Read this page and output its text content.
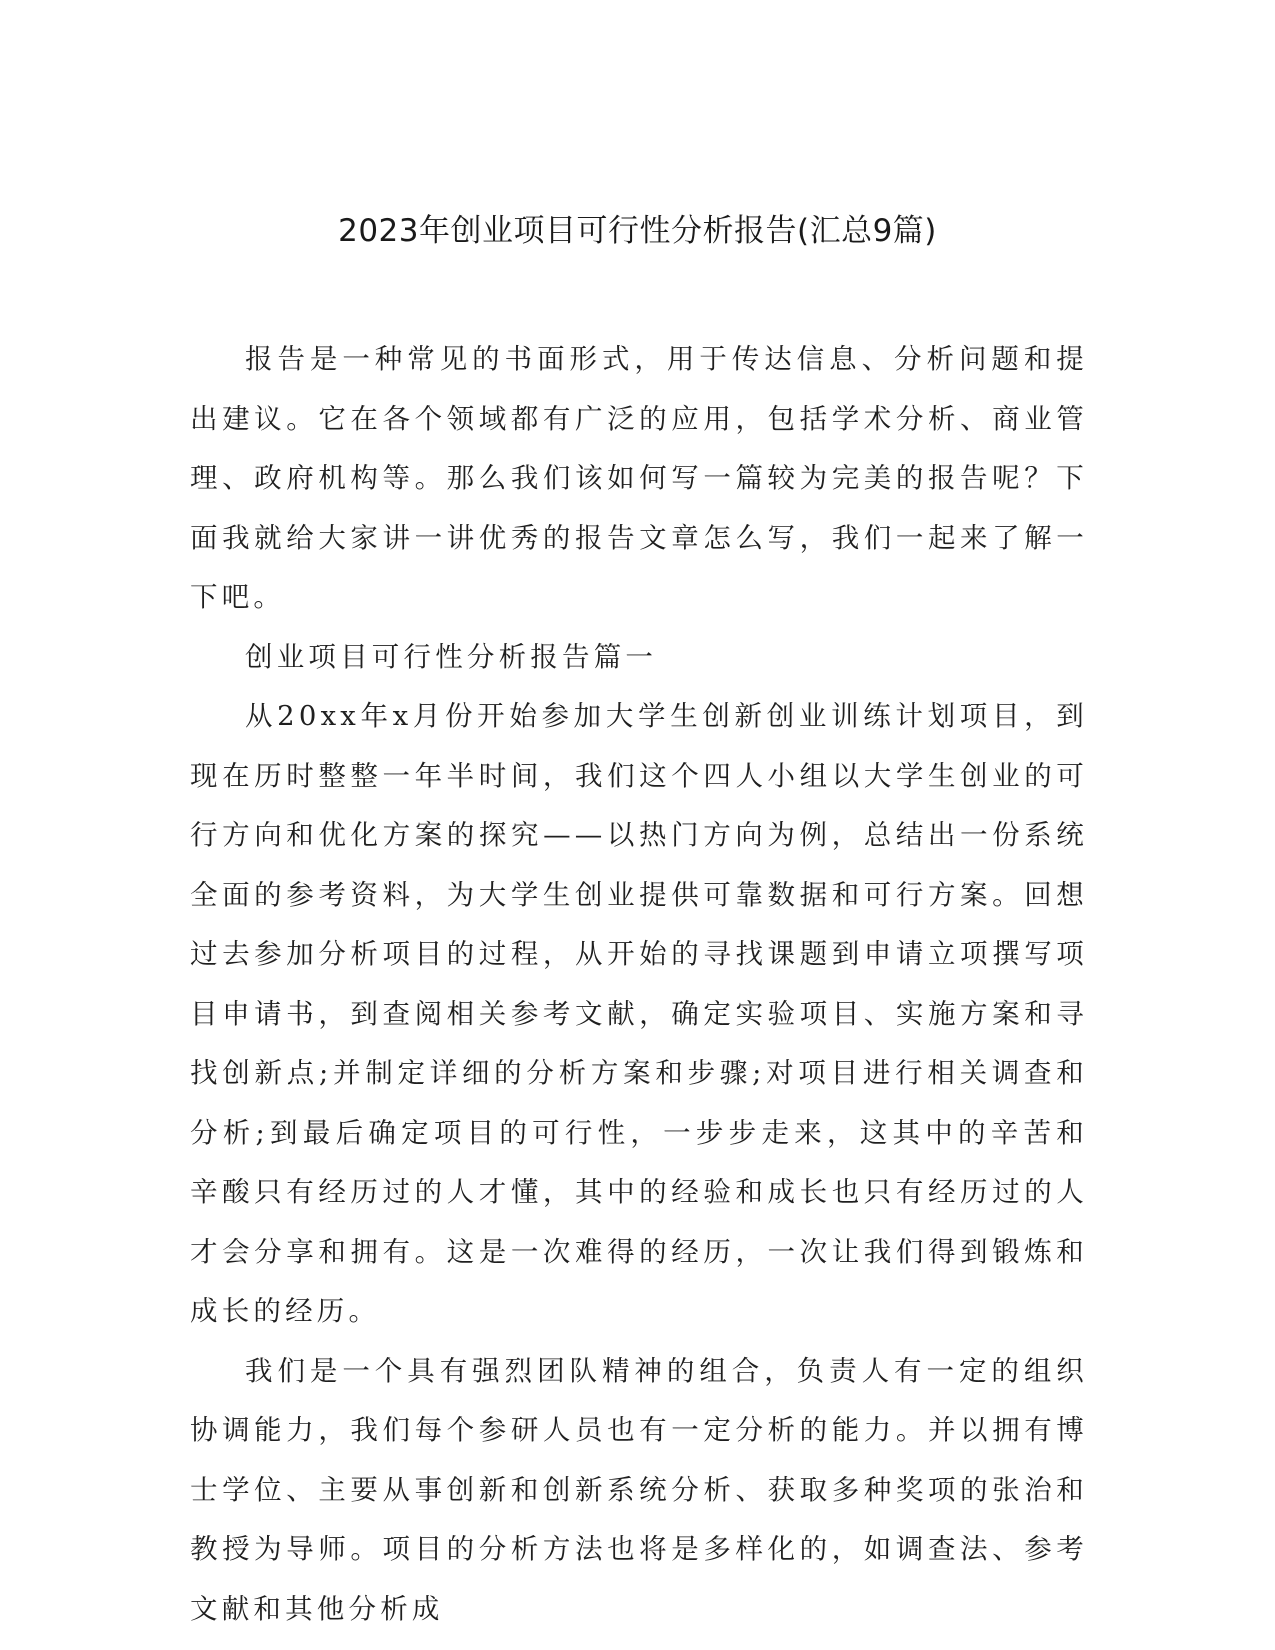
2023年创业项目可行性分析报告(汇总9篇)

报告是一种常见的书面形式，用于传达信息、分析问题和提出建议。它在各个领域都有广泛的应用，包括学术分析、商业管理、政府机构等。那么我们该如何写一篇较为完美的报告呢？下面我就给大家讲一讲优秀的报告文章怎么写，我们一起来了解一下吧。

创业项目可行性分析报告篇一

从20xx年x月份开始参加大学生创新创业训练计划项目，到现在历时整整一年半时间，我们这个四人小组以大学生创业的可行方向和优化方案的探究——以热门方向为例，总结出一份系统全面的参考资料，为大学生创业提供可靠数据和可行方案。回想过去参加分析项目的过程，从开始的寻找课题到申请立项撰写项目申请书，到查阅相关参考文献，确定实验项目、实施方案和寻找创新点;并制定详细的分析方案和步骤;对项目进行相关调查和分析;到最后确定项目的可行性，一步步走来，这其中的辛苦和辛酸只有经历过的人才懂，其中的经验和成长也只有经历过的人才会分享和拥有。这是一次难得的经历，一次让我们得到锻炼和成长的经历。

我们是一个具有强烈团队精神的组合，负责人有一定的组织协调能力，我们每个参研人员也有一定分析的能力。并以拥有博士学位、主要从事创新和创新系统分析、获取多种奖项的张治和教授为导师。项目的分析方法也将是多样化的，如调查法、参考文献和其他分析成
